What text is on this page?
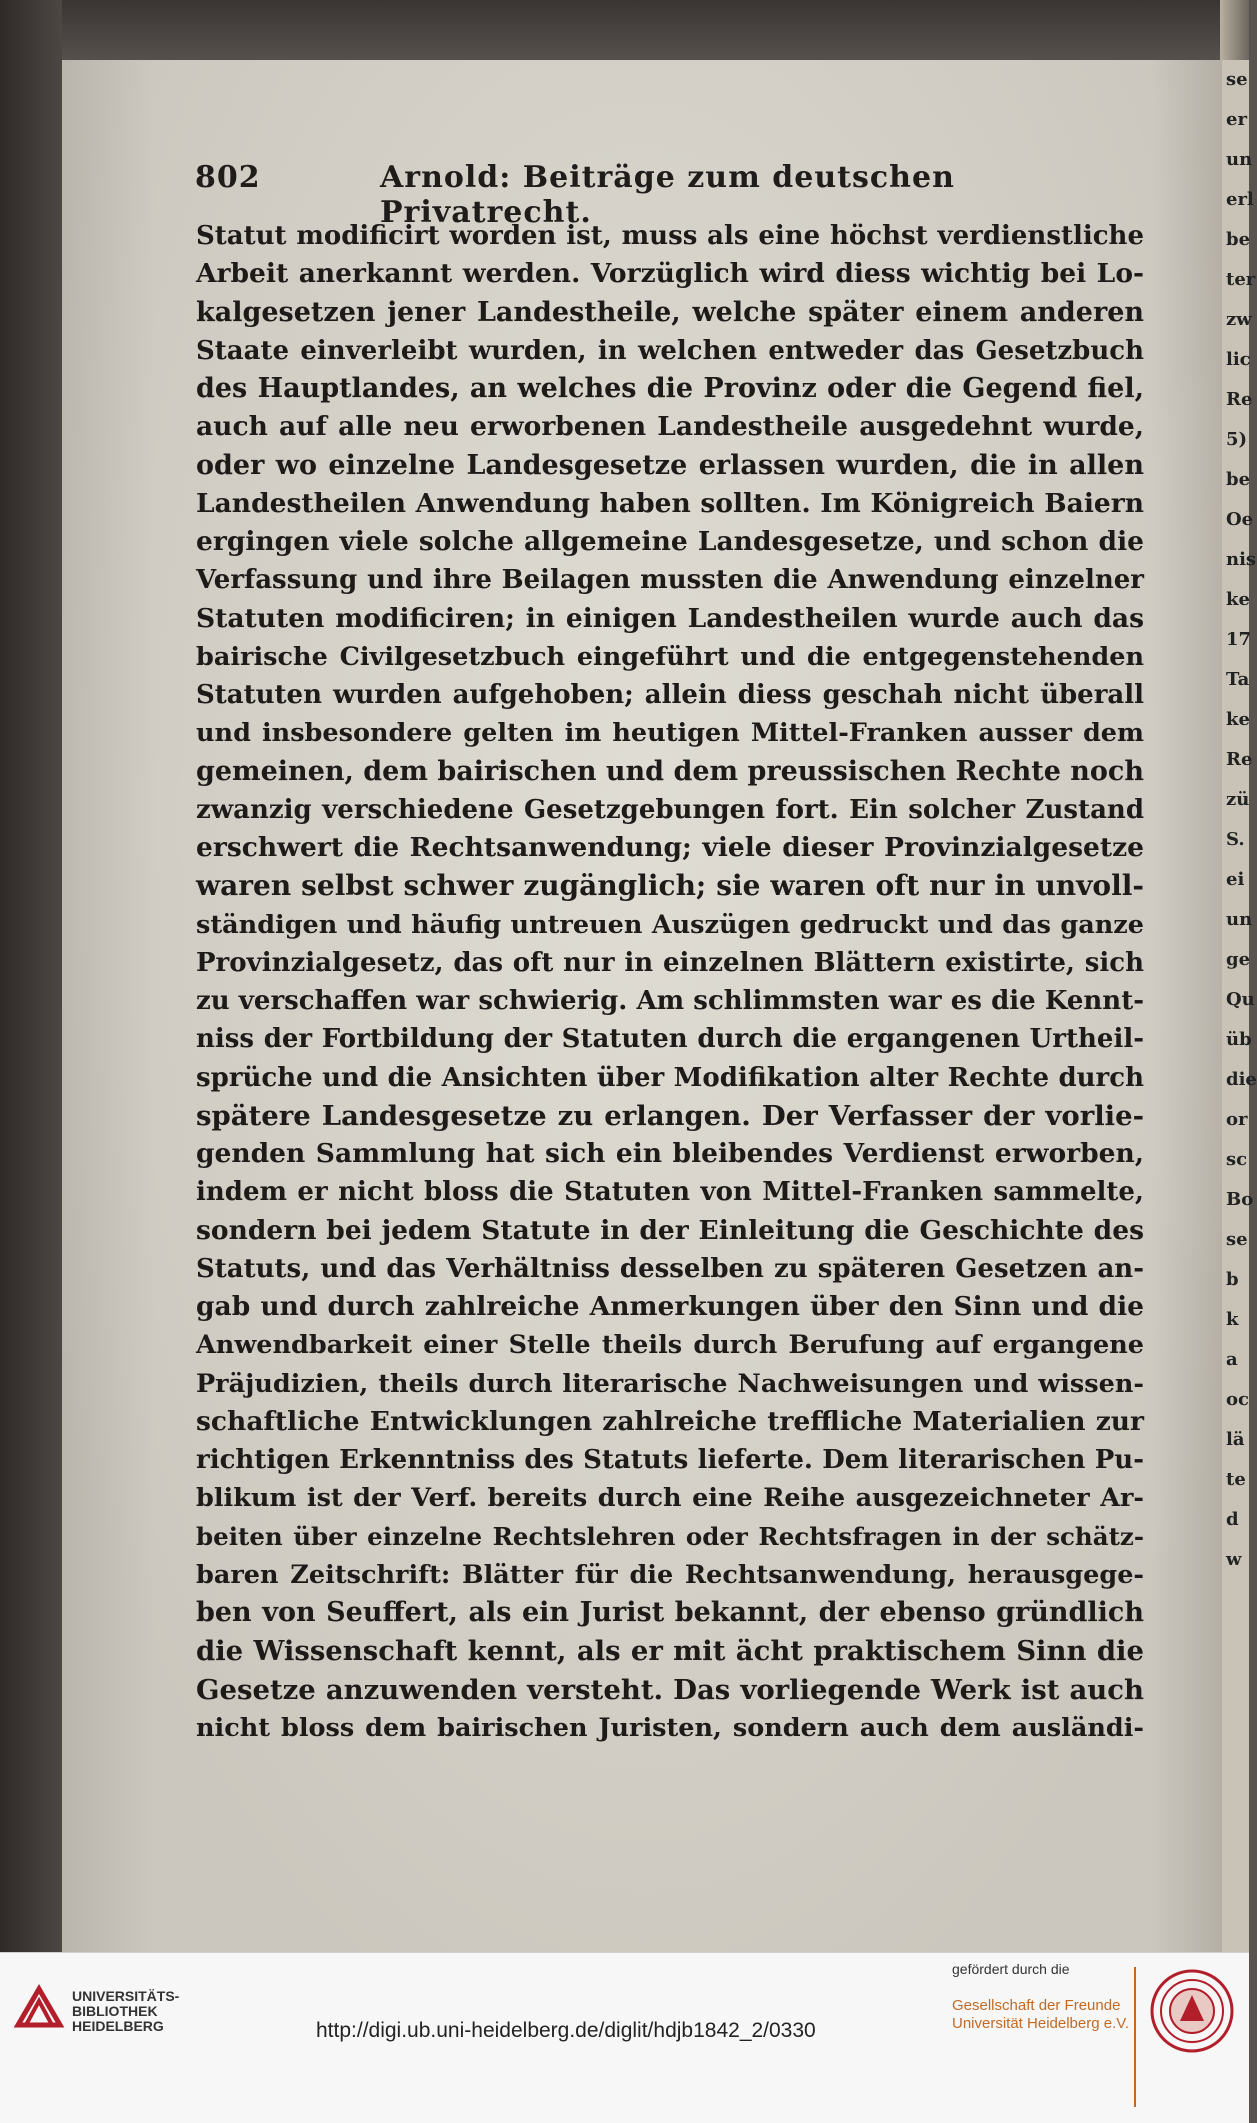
se
er
un
erl
be
ter
zw
lic
Re
5)
be
Oe
nis
ke
17
Ta
ke
Re
zü
S.
ei
un
ge
Qu
üb
die
or
sc
Bo
se
b
k
a
oc
lä
te
d
w
802	Arnold: Beiträge zum deutschen Privatrecht.
Statut modificirt worden ist, muss als eine höchst verdienstliche
Arbeit anerkannt werden. Vorzüglich wird diess wichtig bei Lo-
kalgesetzen jener Landestheile, welche später einem anderen
Staate einverleibt wurden, in welchen entweder das Gesetzbuch
des Hauptlandes, an welches die Provinz oder die Gegend fiel,
auch auf alle neu erworbenen Landestheile ausgedehnt wurde,
oder wo einzelne Landesgesetze erlassen wurden, die in allen
Landestheilen Anwendung haben sollten. Im Königreich Baiern
ergingen viele solche allgemeine Landesgesetze, und schon die
Verfassung und ihre Beilagen mussten die Anwendung einzelner
Statuten modificiren; in einigen Landestheilen wurde auch das
bairische Civilgesetzbuch eingeführt und die entgegenstehenden
Statuten wurden aufgehoben; allein diess geschah nicht überall
und insbesondere gelten im heutigen Mittel-Franken ausser dem
gemeinen, dem bairischen und dem preussischen Rechte noch
zwanzig verschiedene Gesetzgebungen fort. Ein solcher Zustand
erschwert die Rechtsanwendung; viele dieser Provinzialgesetze
waren selbst schwer zugänglich; sie waren oft nur in unvoll-
ständigen und häufig untreuen Auszügen gedruckt und das ganze
Provinzialgesetz, das oft nur in einzelnen Blättern existirte, sich
zu verschaffen war schwierig. Am schlimmsten war es die Kennt-
niss der Fortbildung der Statuten durch die ergangenen Urtheil-
sprüche und die Ansichten über Modifikation alter Rechte durch
spätere Landesgesetze zu erlangen. Der Verfasser der vorlie-
genden Sammlung hat sich ein bleibendes Verdienst erworben,
indem er nicht bloss die Statuten von Mittel-Franken sammelte,
sondern bei jedem Statute in der Einleitung die Geschichte des
Statuts, und das Verhältniss desselben zu späteren Gesetzen an-
gab und durch zahlreiche Anmerkungen über den Sinn und die
Anwendbarkeit einer Stelle theils durch Berufung auf ergangene
Präjudizien, theils durch literarische Nachweisungen und wissen-
schaftliche Entwicklungen zahlreiche treffliche Materialien zur
richtigen Erkenntniss des Statuts lieferte. Dem literarischen Pu-
blikum ist der Verf. bereits durch eine Reihe ausgezeichneter Ar-
beiten über einzelne Rechtslehren oder Rechtsfragen in der schätz-
baren Zeitschrift: Blätter für die Rechtsanwendung, herausgege-
ben von Seuffert, als ein Jurist bekannt, der ebenso gründlich
die Wissenschaft kennt, als er mit ächt praktischem Sinn die
Gesetze anzuwenden versteht. Das vorliegende Werk ist auch
nicht bloss dem bairischen Juristen, sondern auch dem ausländi-
UNIVERSITÄTS-
BIBLIOTHEK
HEIDELBERG	http://digi.ub.uni-heidelberg.de/diglit/hdjb1842_2/0330
gefördert durch die
Gesellschaft der Freunde
Universität Heidelberg e.V.
